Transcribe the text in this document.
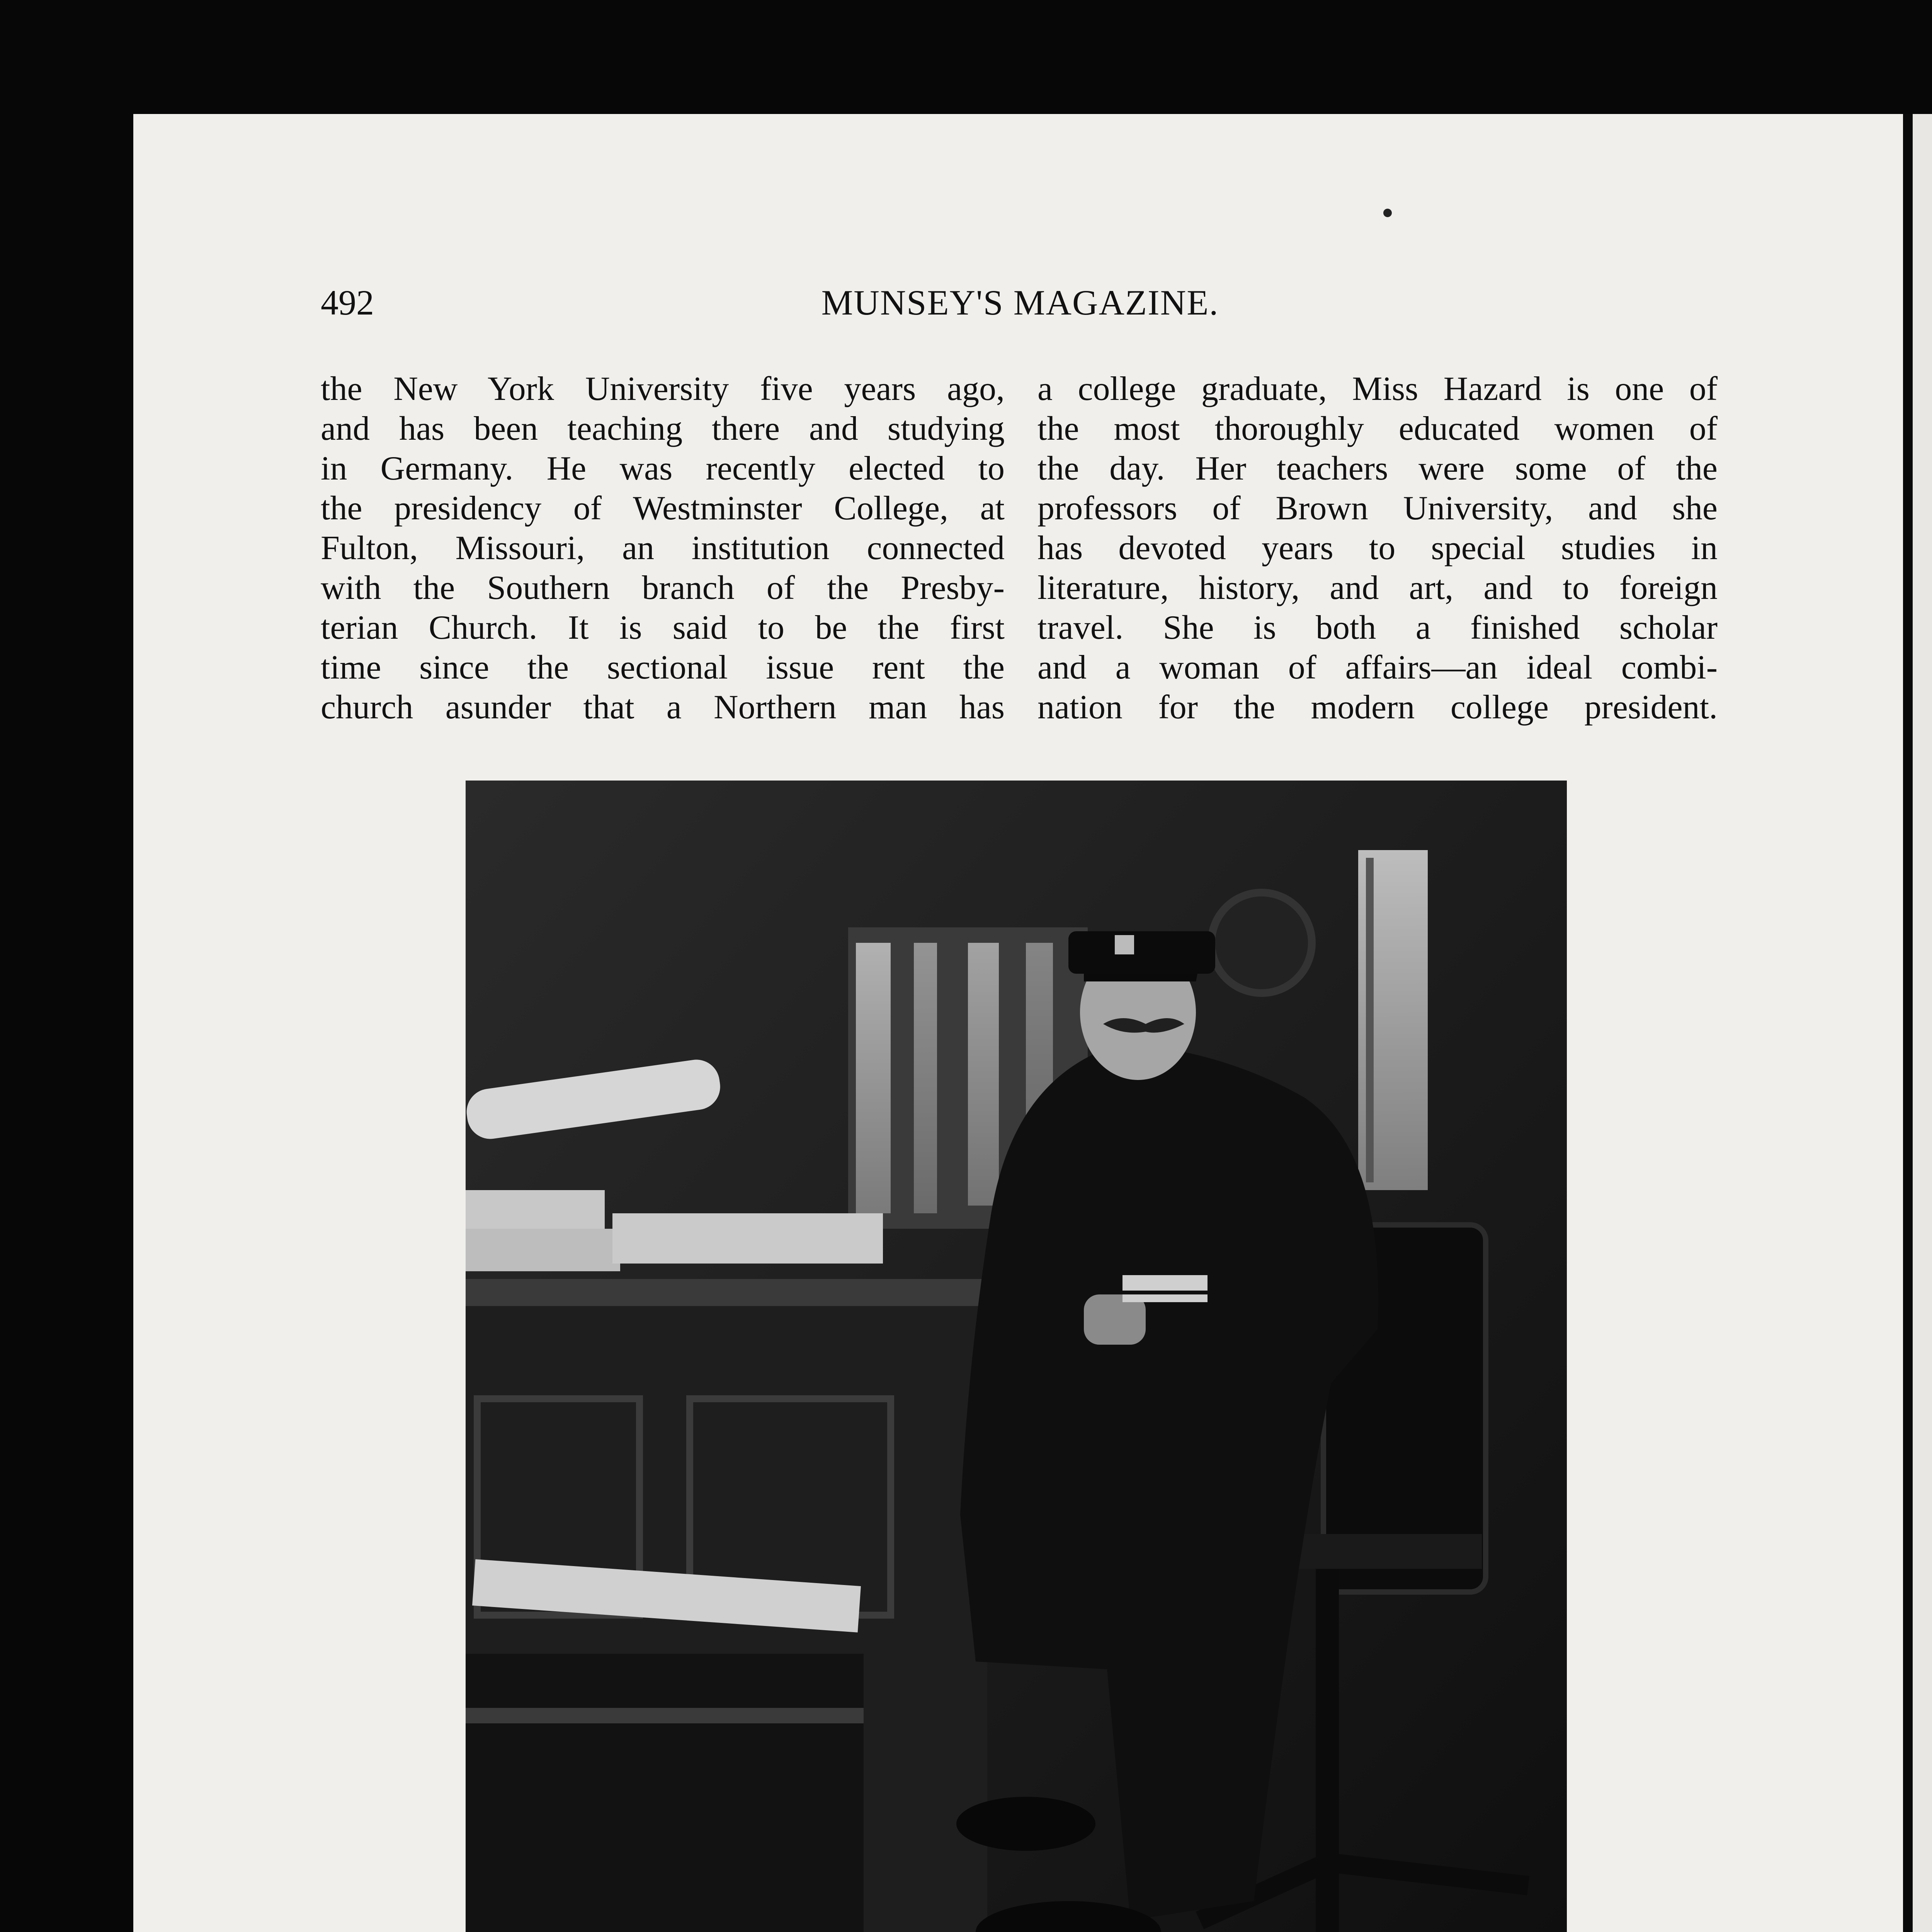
492	MUNSEY'S MAGAZINE.

the New York University five years ago,

and has been teaching there and studying

in Germany. He was recently elected to

the presidency of Westminster College, at

Fulton, Missouri, an institution connected

with the Southern branch of the Presby-

terian Church. It is said to be the first

time since the sectional issue rent the

church asunder that a Northern man has

a college graduate, Miss Hazard is one of

the most thoroughly educated women of

the day. Her teachers were some of the

professors of Brown University, and she

has devoted years to special studies in

literature, history, and art, and to foreign

travel. She is both a finished scholar

and a woman of affairs—an ideal combi-

nation for the modern college president.
